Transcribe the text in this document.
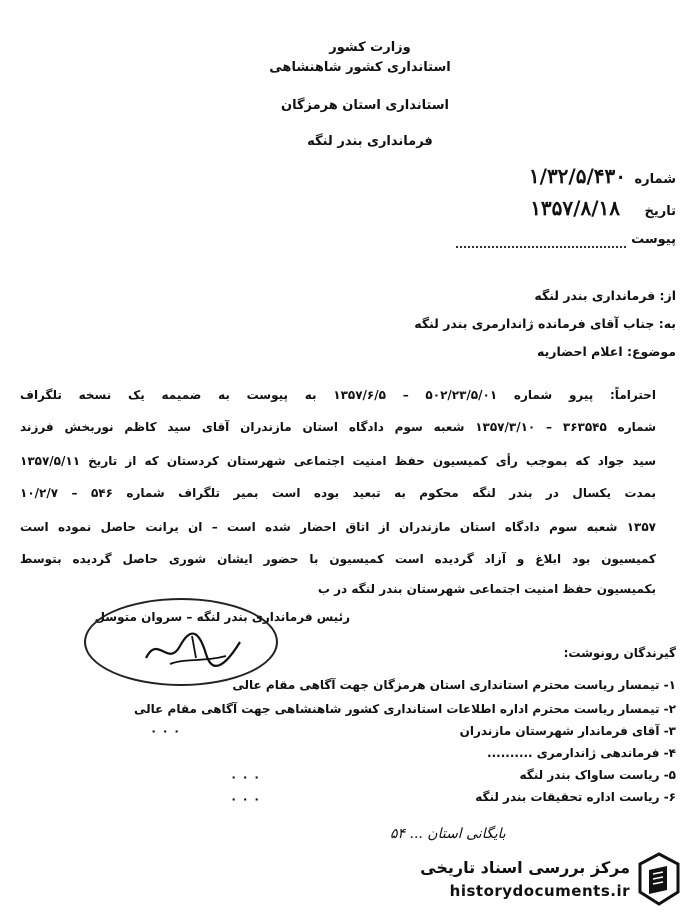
وزارت کشور
استانداری کشور شاهنشاهی
استانداری استان هرمزگان
فرمانداری بندر لنگه
شماره
۱/۳۲/۵/۴۳۰
تاریخ
۱۳۵۷/۸/۱۸
پیوست
از: فرمانداری بندر لنگه
به: جناب آقای فرمانده ژاندارمری بندر لنگه
موضوع: اعلام احضاریه
احتراماً: پیرو شماره ۵۰۲/۲۳/۵/۰۱ – ۱۳۵۷/۶/۵ به پیوست به ضمیمه یک نسخه تلگراف
شماره ۳۶۳۵۴۵ – ۱۳۵۷/۳/۱۰ شعبه سوم دادگاه استان مازندران آقای سید کاظم نوربخش فرزند
سید جواد که بموجب رأی کمیسیون حفظ امنیت اجتماعی شهرستان کردستان که از تاریخ ۱۳۵۷/۵/۱۱
بمدت یکسال در بندر لنگه محکوم به تبعید بوده است بمیر تلگراف شماره ۵۴۶ – ۱۰/۲/۷
۱۳۵۷ شعبه سوم دادگاه استان مازندران از اتاق احضار شده است – ان یرانت حاصل نموده است
کمیسیون بود ابلاغ و آزاد گردیده است کمیسیون با حضور ایشان شوری حاصل گردیده بتوسط
بکمیسیون حفظ امنیت اجتماعی شهرستان بندر لنگه در ب
رئیس فرمانداری بندر لنگه – سروان متوسل
گیرندگان رونوشت:
۱- تیمسار ریاست محترم استانداری استان هرمزگان جهت آگاهی مقام عالی
۲- تیمسار ریاست محترم اداره اطلاعات استانداری کشور شاهنشاهی جهت آگاهی مقام عالی
٠ ٠ ٠	۳- آقای فرماندار شهرستان مازندران
۴- فرماندهی ژاندارمری ..........
٠ ٠ ٠	۵- ریاست ساواک بندر لنگه
٠ ٠ ٠	۶- ریاست اداره تحقیقات بندر لنگه
بایگانی استان ... ۵۴
مرکز بررسی اسناد تاریخی
historydocuments.ir
